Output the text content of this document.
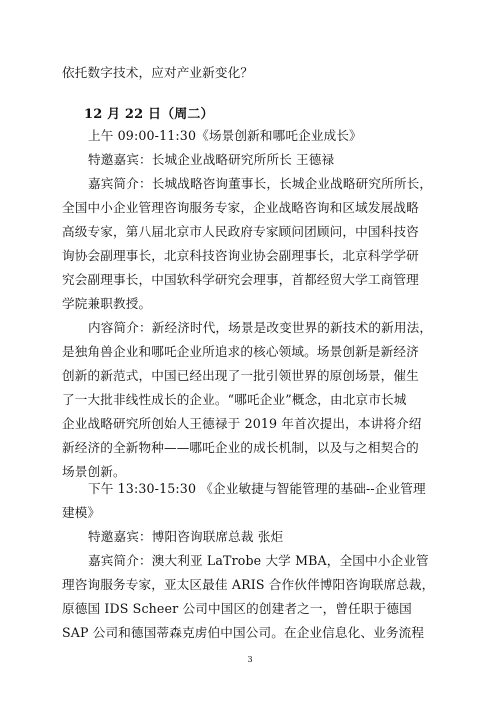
依托数字技术，应对产业新变化？
12 月 22 日（周二）
上午 09:00-11:30《场景创新和哪吒企业成长》
特邀嘉宾：长城企业战略研究所所长 王德禄
嘉宾简介：长城战略咨询董事长，长城企业战略研究所所长，
全国中小企业管理咨询服务专家，企业战略咨询和区域发展战略
高级专家，第八届北京市人民政府专家顾问团顾问，中国科技咨
询协会副理事长，北京科技咨询业协会副理事长，北京科学学研
究会副理事长，中国软科学研究会理事，首都经贸大学工商管理
学院兼职教授。
内容简介：新经济时代，场景是改变世界的新技术的新用法，
是独角兽企业和哪吒企业所追求的核心领域。场景创新是新经济
创新的新范式，中国已经出现了一批引领世界的原创场景，催生
了一大批非线性成长的企业。“哪吒企业”概念，由北京市长城
企业战略研究所创始人王德禄于 2019 年首次提出，本讲将介绍
新经济的全新物种——哪吒企业的成长机制，以及与之相契合的
场景创新。
下午 13:30-15:30 《企业敏捷与智能管理的基础--企业管理
建模》
特邀嘉宾：博阳咨询联席总裁 张炬
嘉宾简介：澳大利亚 LaTrobe 大学 MBA，全国中小企业管
理咨询服务专家，亚太区最佳 ARIS 合作伙伴博阳咨询联席总裁，
原德国 IDS Scheer 公司中国区的创建者之一，曾任职于德国
SAP 公司和德国蒂森克虏伯中国公司。在企业信息化、业务流程
3
